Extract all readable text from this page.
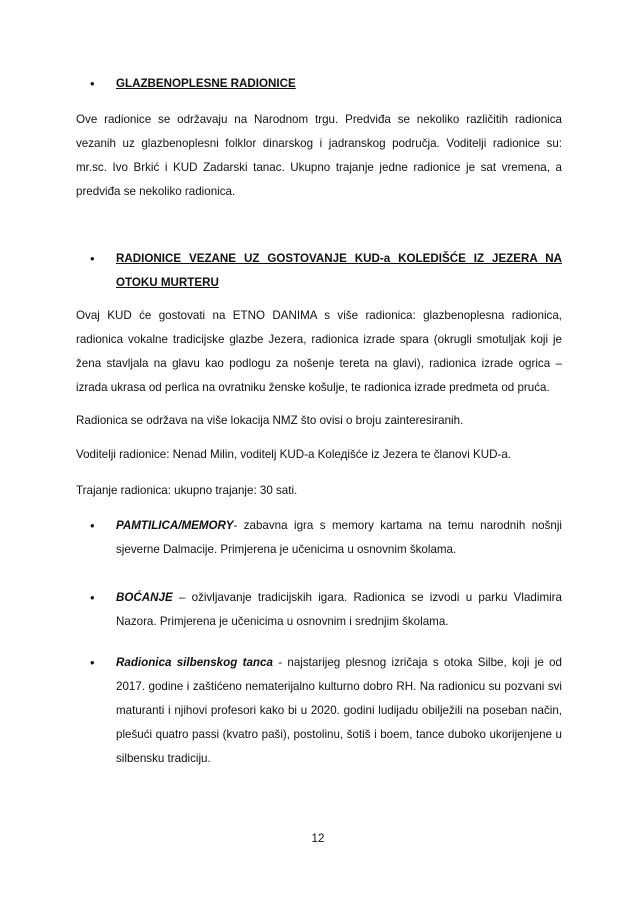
•	GLAZBENOPLESNE RADIONICE

Ove radionice se održavaju na Narodnom trgu. Predviđa se nekoliko različitih radionica vezanih uz glazbenoplesni folklor dinarskog i jadranskog područja. Voditelji radionice su: mr.sc. Ivo Brkić i KUD Zadarski tanac. Ukupno trajanje jedne radionice je sat vremena, a predviđa se nekoliko radionica.

•	RADIONICE VEZANE UZ GOSTOVANJE KUD-a KOLEDIŠĆE IZ JEZERA NA OTOKU MURTERU

Ovaj KUD će gostovati na ETNO DANIMA s više radionica: glazbenoplesna radionica, radionica vokalne tradicijske glazbe Jezera, radionica izrade spara (okrugli smotuljak koji je žena stavljala na glavu kao podlogu za nošenje tereta na glavi), radionica izrade ogrica – izrada ukrasa od perlica na ovratniku ženske košulje, te radionica izrade predmeta od pruća.

Radionica se održava na više lokacija NMZ što ovisi o broju zainteresiranih.

Voditelji radionice: Nenad Milin, voditelj KUD-a Kolедišće iz Jezera te članovi KUD-a.

Trajanje radionica: ukupno trajanje: 30 sati.

•	PAMTILICA/MEMORY- zabavna igra s memory kartama na temu narodnih nošnji sjeverne Dalmacije. Primjerena je učenicima u osnovnim školama.
•	BOĆANJE – oživljavanje tradicijskih igara. Radionica se izvodi u parku Vladimira Nazora. Primjerena je učenicima u osnovnim i srednjim školama.
•	Radionica silbenskog tanca - najstarijeg plesnog izričaja s otoka Silbe, koji je od 2017. godine i zaštićeno nematerijalno kulturno dobro RH. Na radionicu su pozvani svi maturanti i njihovi profesori kako bi u 2020. godini ludijadu obilježili na poseban način, plešući quatro passi (kvatro paši), postolinu, šotiš i boem, tance duboko ukorijenjene u silbensku tradiciju.
12
